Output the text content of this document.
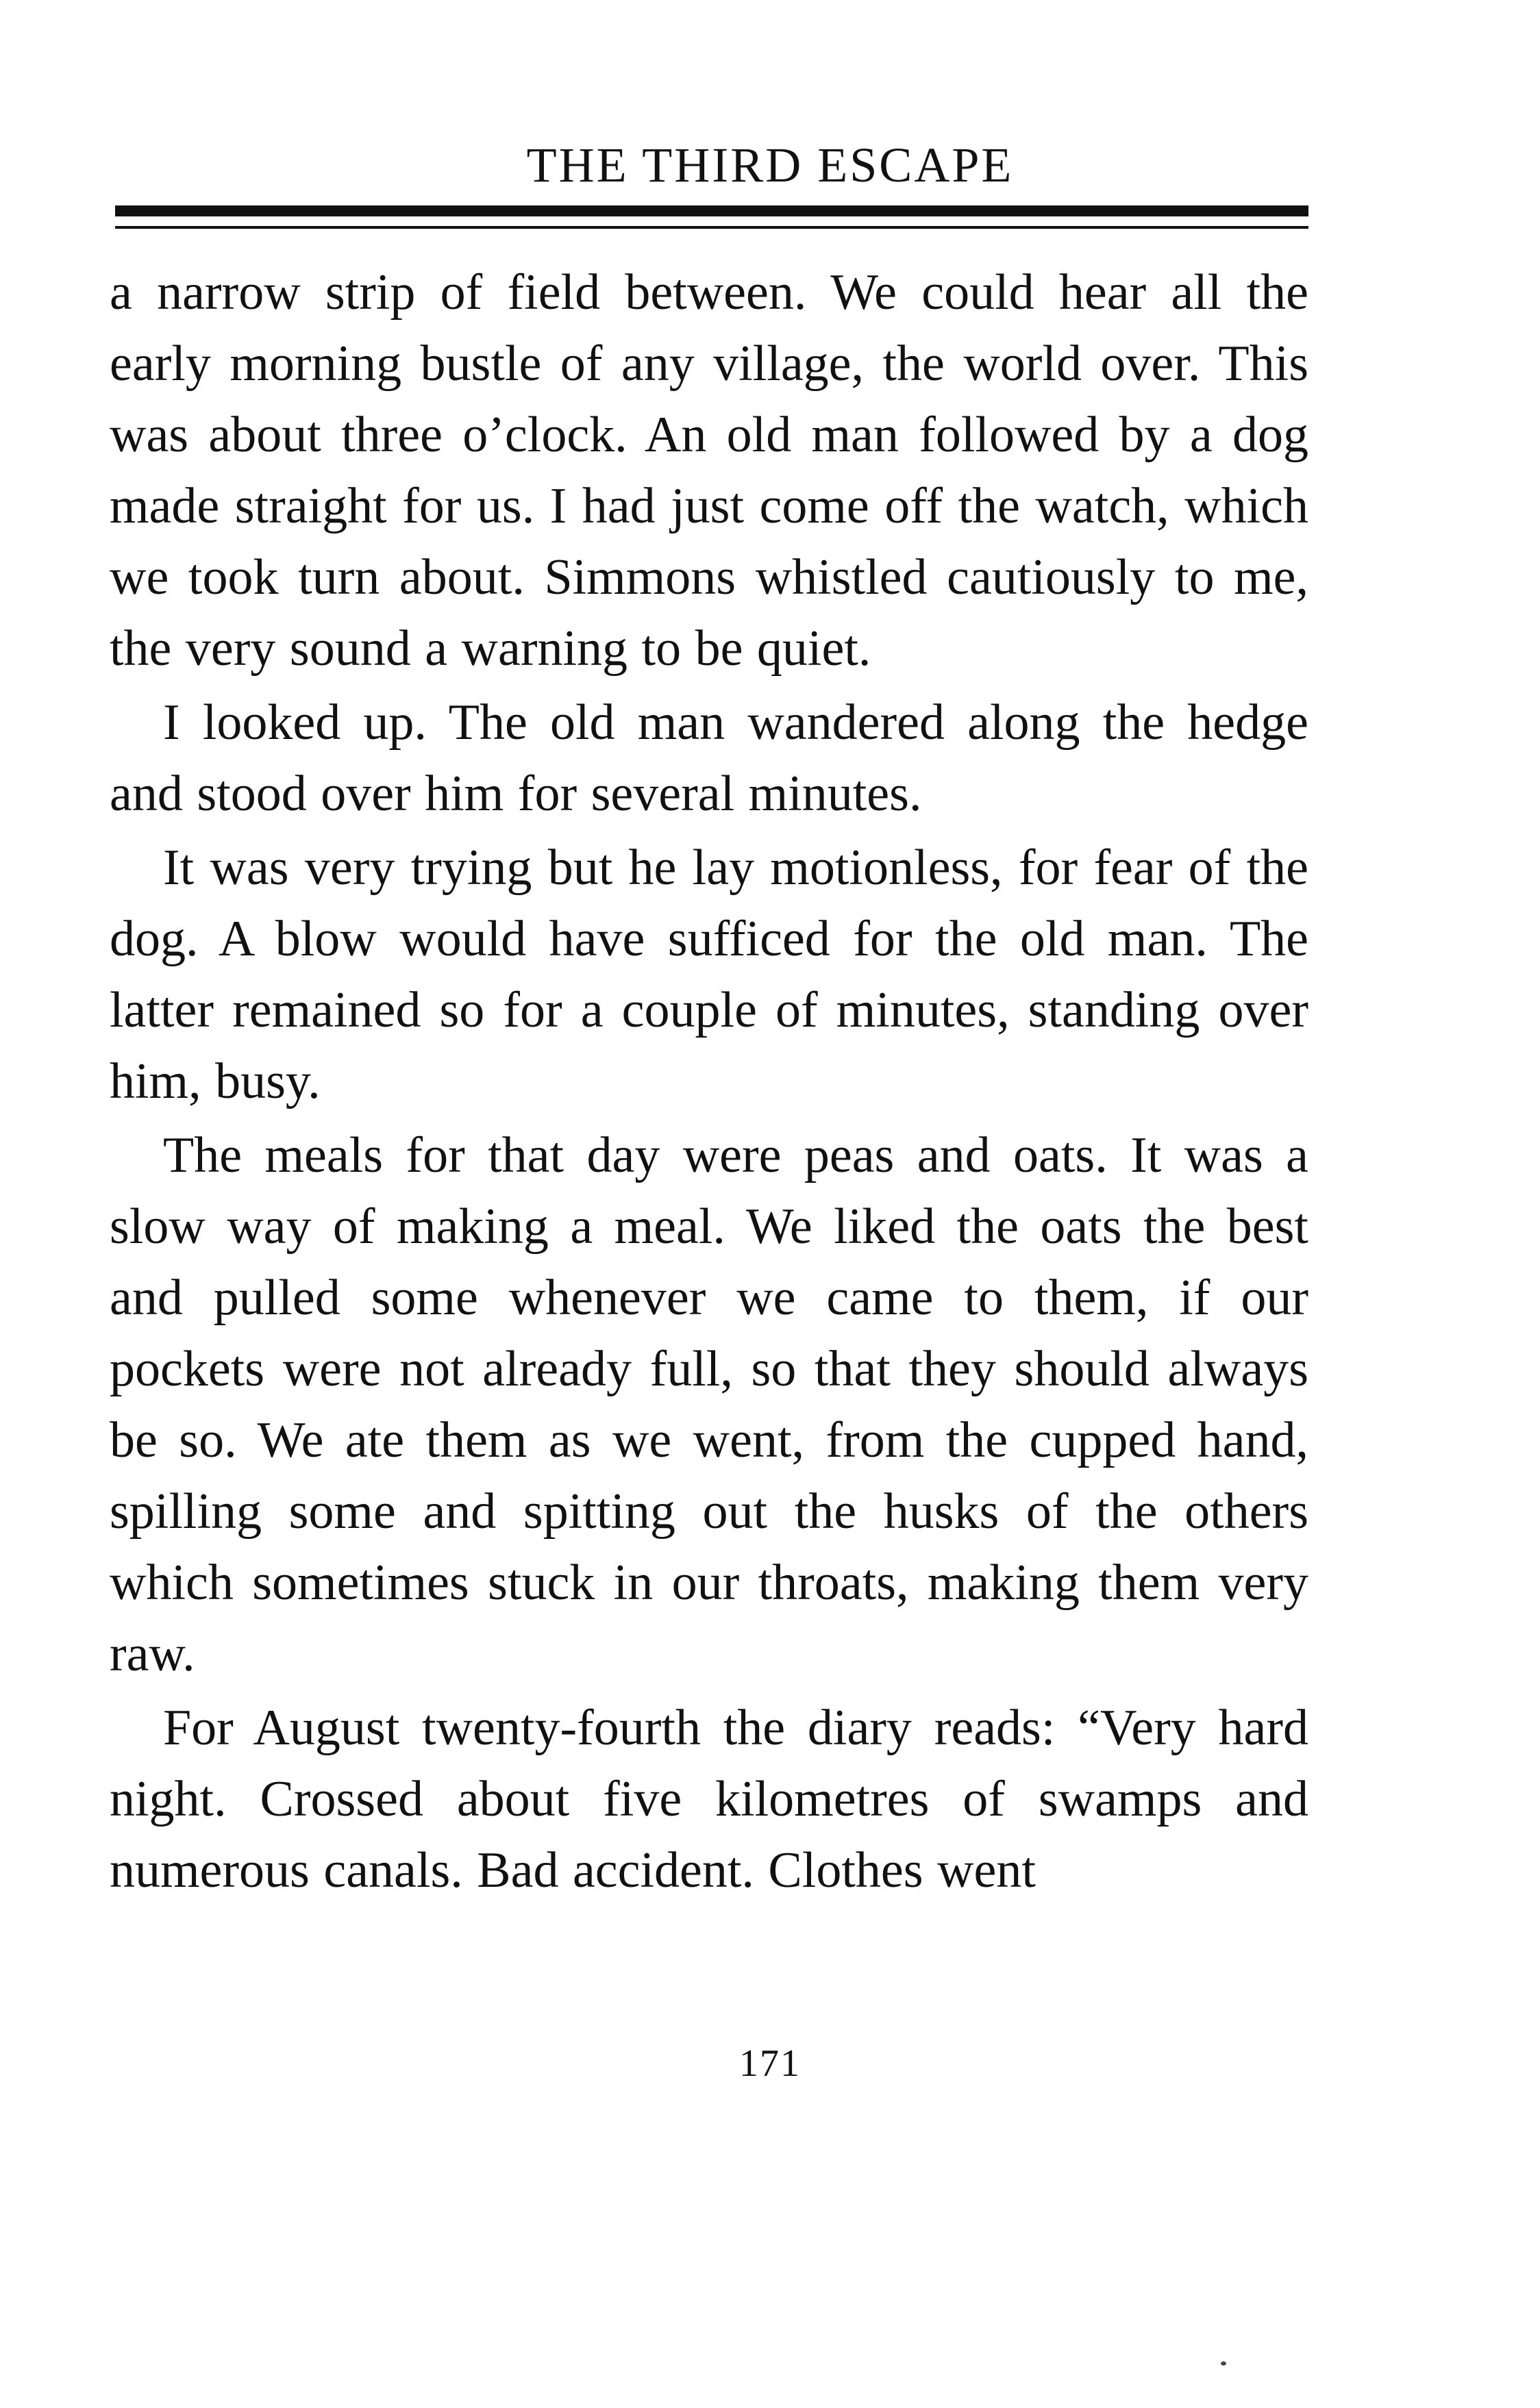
THE THIRD ESCAPE

a narrow strip of field between. We could hear all the early morning bustle of any village, the world over. This was about three o’clock. An old man followed by a dog made straight for us. I had just come off the watch, which we took turn about. Simmons whistled cautiously to me, the very sound a warning to be quiet.

I looked up. The old man wandered along the hedge and stood over him for several minutes.

It was very trying but he lay motionless, for fear of the dog. A blow would have sufficed for the old man. The latter remained so for a couple of minutes, standing over him, busy.

The meals for that day were peas and oats. It was a slow way of making a meal. We liked the oats the best and pulled some whenever we came to them, if our pockets were not already full, so that they should always be so. We ate them as we went, from the cupped hand, spilling some and spitting out the husks of the others which sometimes stuck in our throats, making them very raw.

For August twenty-fourth the diary reads: “Very hard night. Crossed about five kilometres of swamps and numerous canals. Bad accident. Clothes went

171
